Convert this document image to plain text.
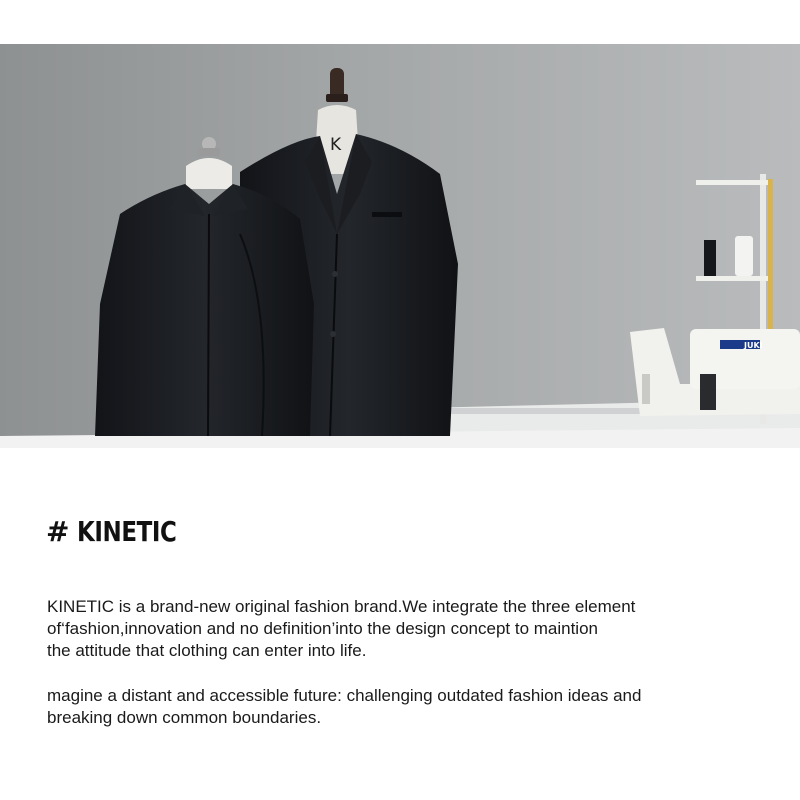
K
JUKI
# KINETIC

KINETIC is a brand-new original fashion brand.We integrate the three element
of‘fashion,innovation and no definition’into the design concept to maintion
the attitude that clothing can enter into life.

magine a distant and accessible future: challenging outdated fashion ideas and
breaking down common boundaries.
